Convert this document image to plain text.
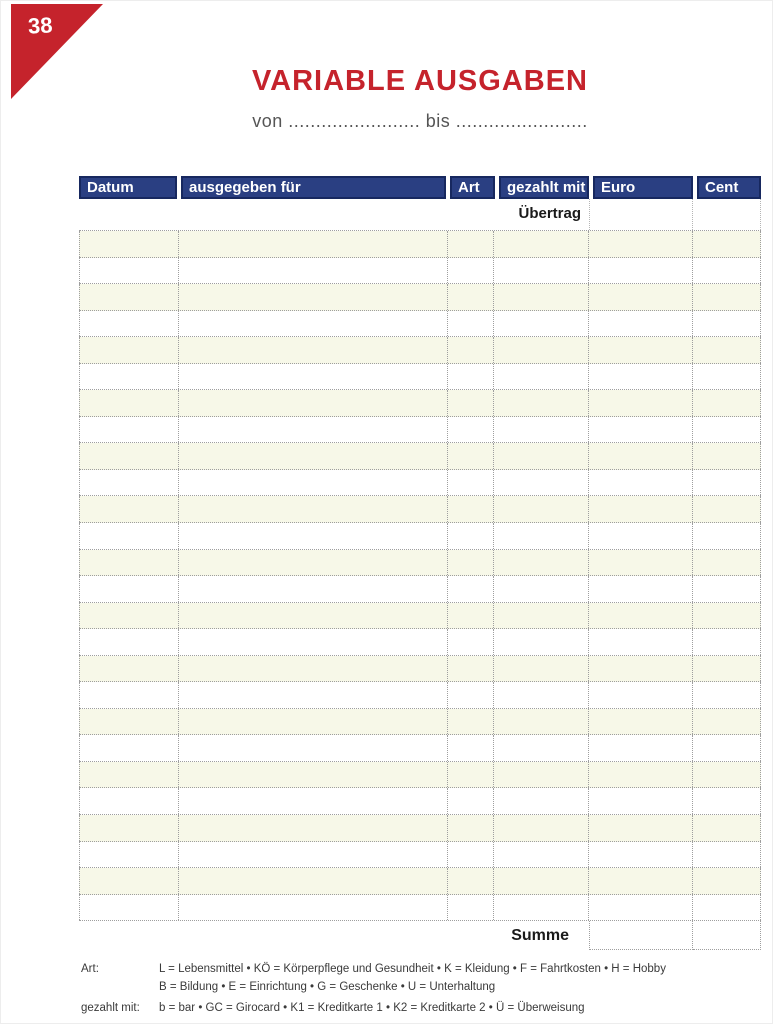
38
VARIABLE AUSGABEN
von ........................ bis ........................
Datum	ausgegeben für	Art	gezahlt mit	Euro	Cent
Übertrag
Summe
Art:	L = Lebensmittel • KÖ = Körperpflege und Gesundheit • K = Kleidung • F = Fahrtkosten • H = Hobby
B = Bildung • E = Einrichtung • G = Geschenke • U = Unterhaltung
gezahlt mit:	b = bar • GC = Girocard • K1 = Kreditkarte 1 • K2 = Kreditkarte 2 • Ü = Überweisung
